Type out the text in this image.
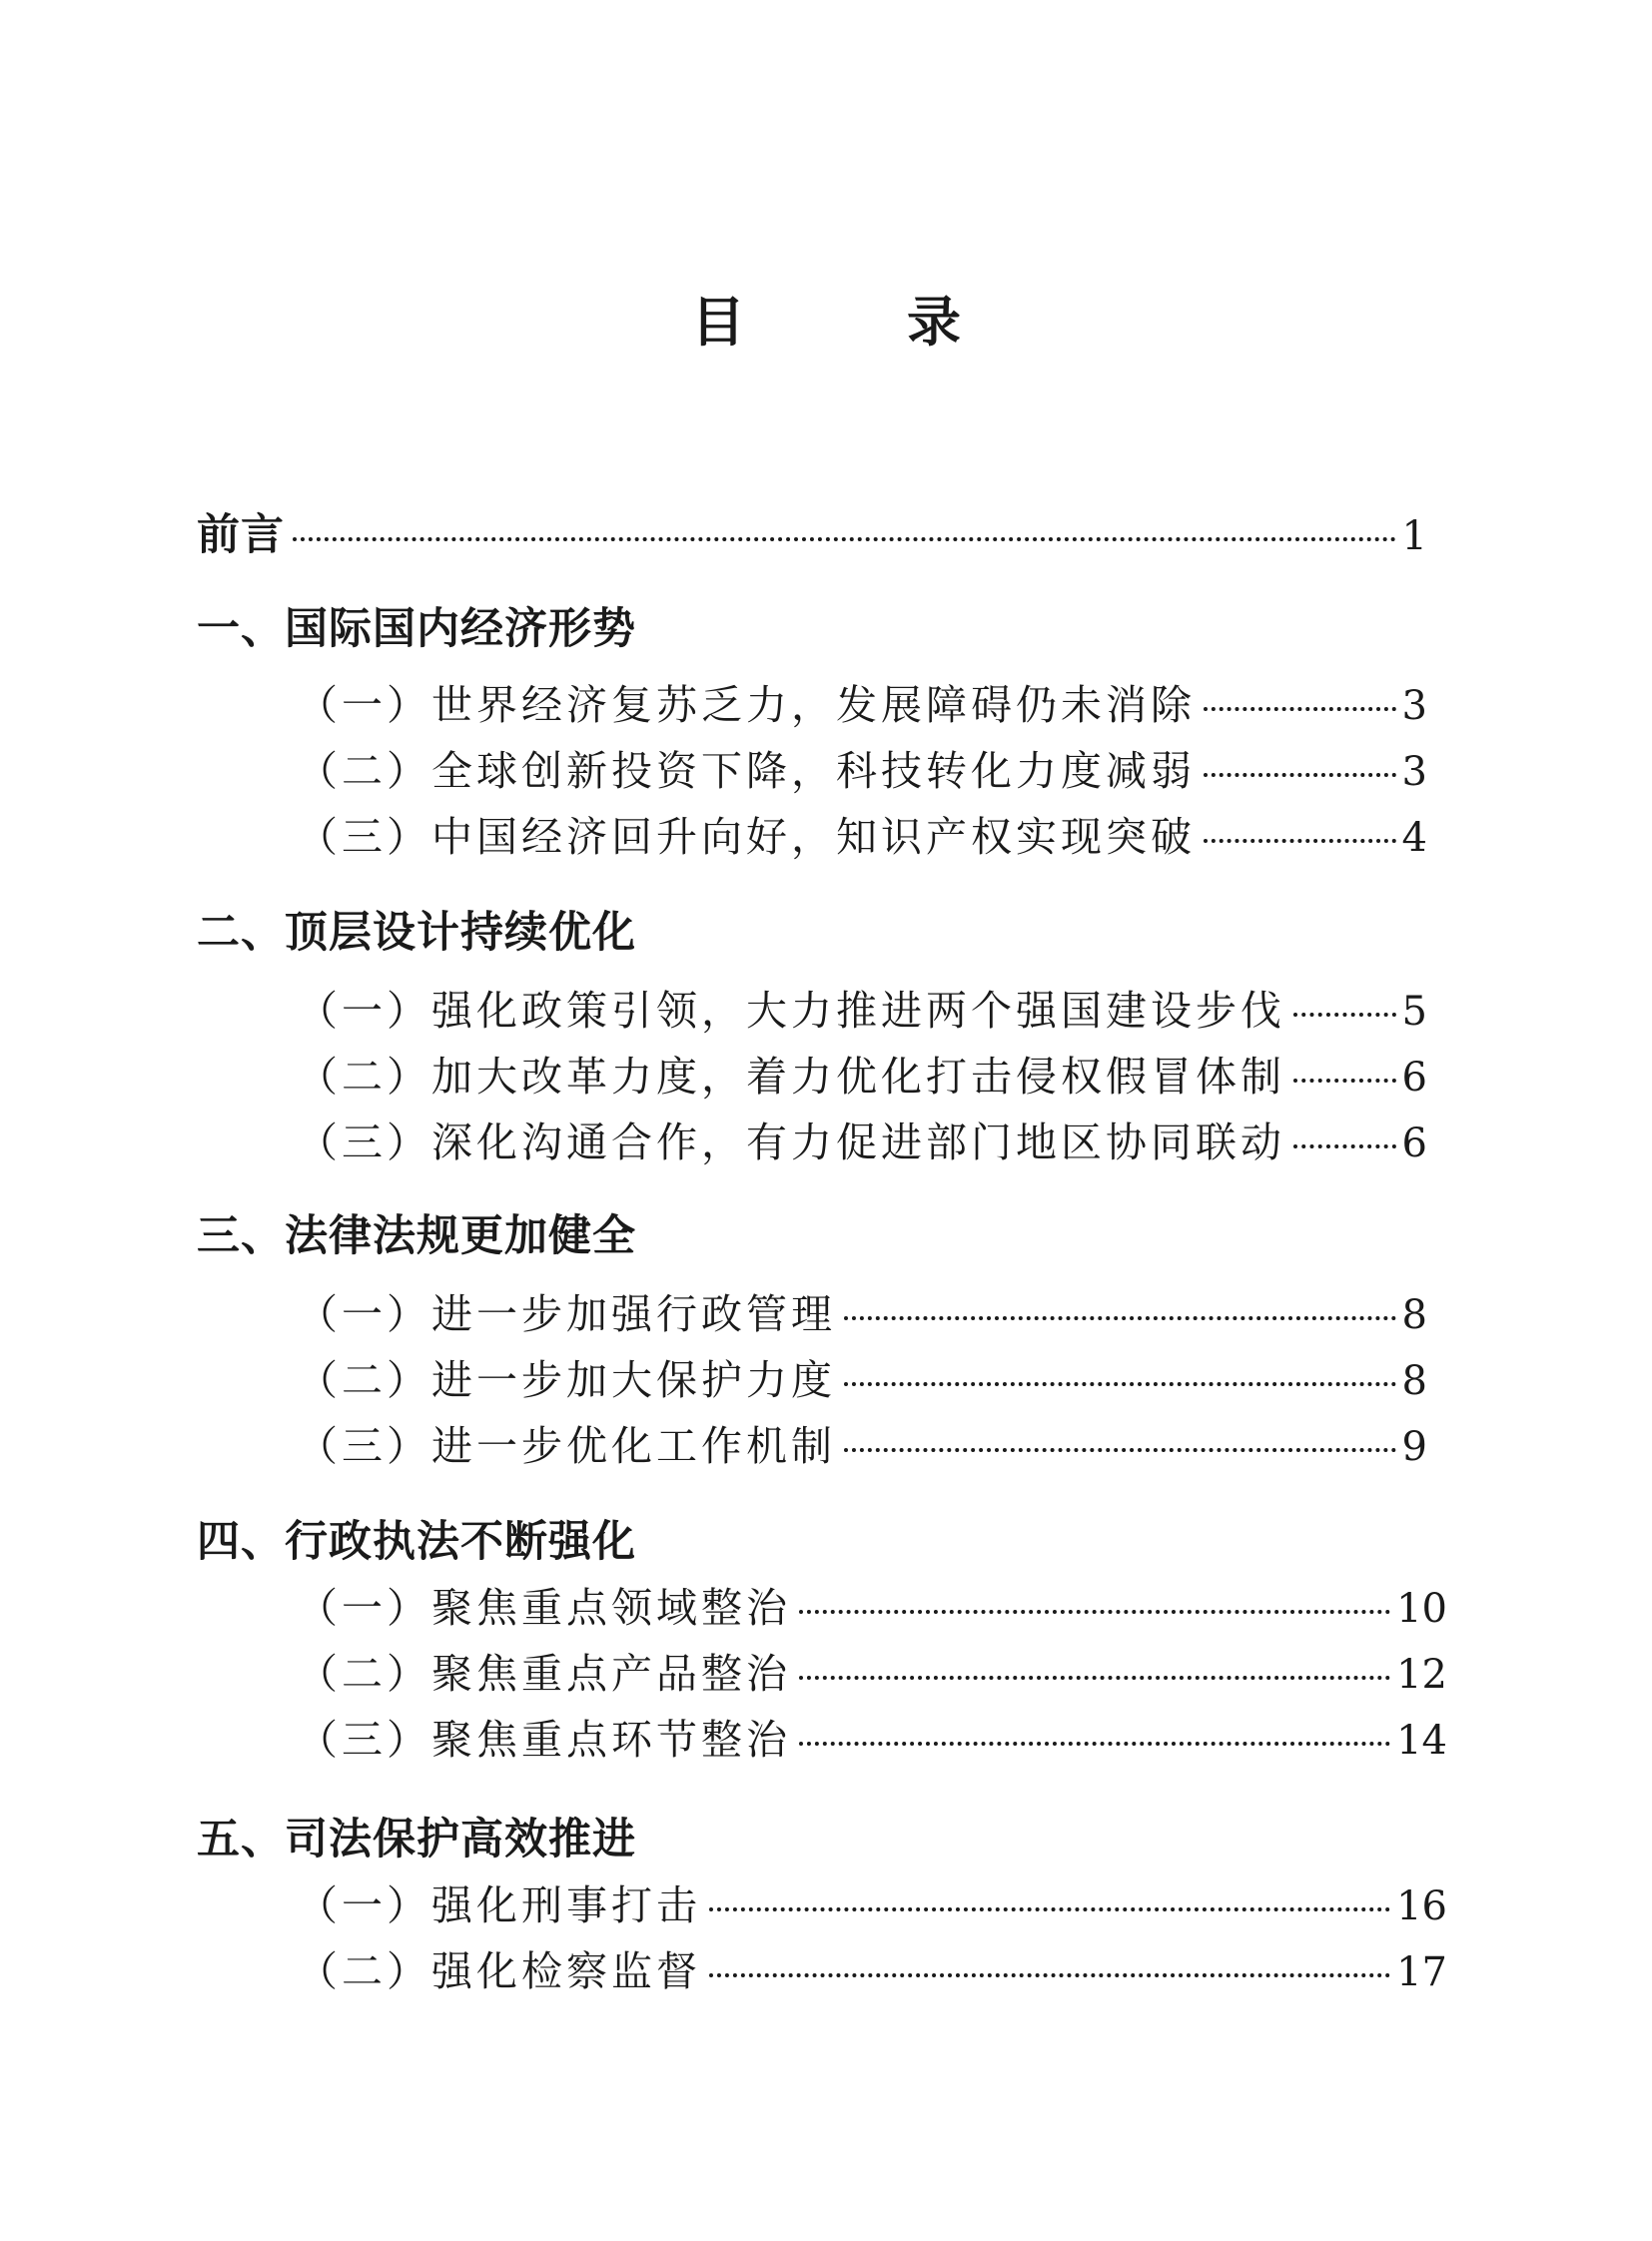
目　录
前言	1
一、国际国内经济形势
（一）世界经济复苏乏力，发展障碍仍未消除	3
（二）全球创新投资下降，科技转化力度减弱	3
（三）中国经济回升向好，知识产权实现突破	4
二、顶层设计持续优化
（一）强化政策引领，大力推进两个强国建设步伐	5
（二）加大改革力度，着力优化打击侵权假冒体制	6
（三）深化沟通合作，有力促进部门地区协同联动	6
三、法律法规更加健全
（一）进一步加强行政管理	8
（二）进一步加大保护力度	8
（三）进一步优化工作机制	9
四、行政执法不断强化
（一）聚焦重点领域整治	10
（二）聚焦重点产品整治	12
（三）聚焦重点环节整治	14
五、司法保护高效推进
（一）强化刑事打击	16
（二）强化检察监督	17
